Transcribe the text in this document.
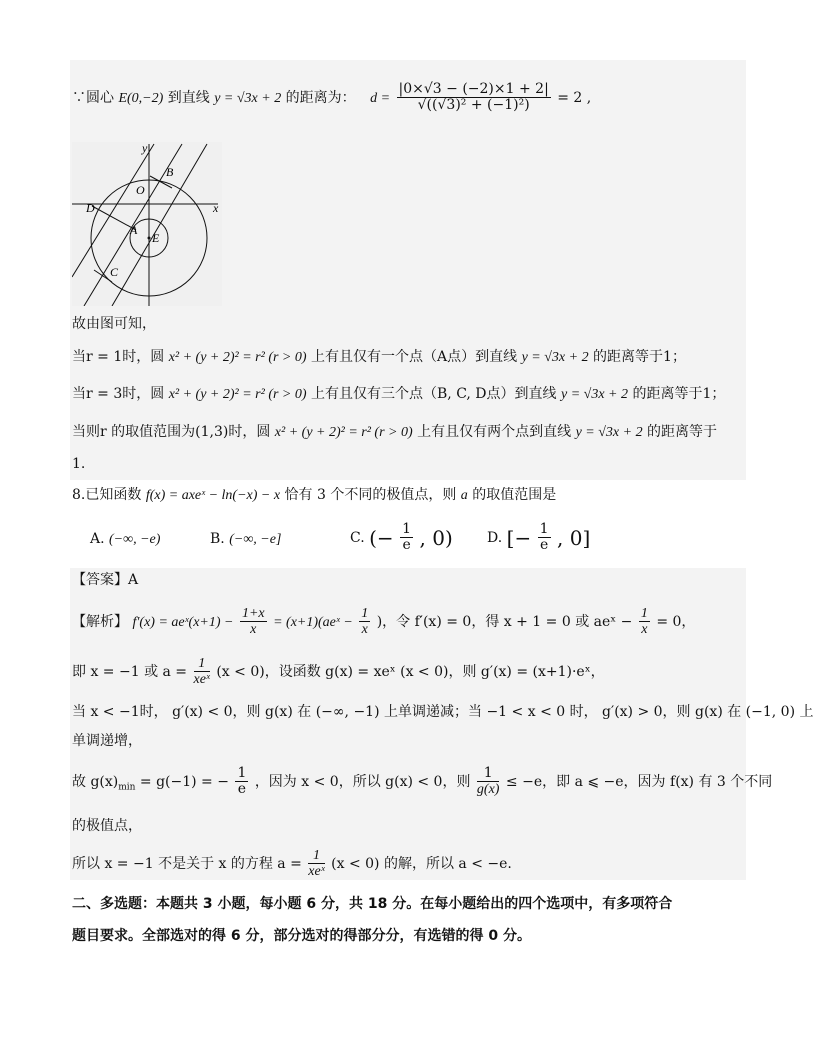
∵圆心 E(0,−2) 到直线 y = √3x + 2 的距离为： $d = \frac{|0\times√3 - (-2)\times 1 + 2|}{\text{√((√3)² + (−1)²)}} = 2$ ,
y
x
O
B
D
A
E
C
故由图可知，
当r = 1时，圆 x² + (y + 2)² = r² (r > 0) 上有且仅有一个点（A点）到直线 y = √3x + 2 的距离等于1；
当r = 3时，圆 x² + (y + 2)² = r² (r > 0) 上有且仅有三个点（B, C, D点）到直线 y = √3x + 2 的距离等于1；
当则r 的取值范围为(1,3)时，圆 x² + (y + 2)² = r² (r > 0) 上有且仅有两个点到直线 y = √3x + 2 的距离等于
1.
8.已知函数 f(x) = axeˣ − ln(−x) − x 恰有 3 个不同的极值点，则 a 的取值范围是
A. (−∞, −e)	B. (−∞, −e]	C. (− $\frac{1}{e}$ , 0) D. [− $\frac{1}{e}$ , 0]
【答案】A
【解析】 f′(x) = aeˣ(x+1) − $\frac{1+x}{x}$ = (x+1)(aeˣ − $\frac{1}{x}$ )，令 f′(x) = 0，得 x + 1 = 0 或 aeˣ − $\frac{1}{x} = 0$，
即 x = −1 或 $a = \frac{1}{\text{xeˣ}} (x < 0)$，设函数 g(x) = xeˣ (x < 0)，则 g′(x) = (x+1)·eˣ，
当 x < −1时， g′(x) < 0，则 g(x) 在 (−∞, −1) 上单调递减；当 −1 < x < 0 时， g′(x) > 0，则 g(x) 在 (−1, 0) 上
单调递增，
故 $g(x)_{min} = g(-1)$ = − $\frac{1}{e}$ ，因为 x < 0，所以 g(x) < 0，则 $\frac{1}{g(x)} \le -e$，即 a ⩽ −e，因为 f(x) 有 3 个不同
的极值点，
所以 x = −1 不是关于 x 的方程 $a = \frac{1}{\text{xeˣ}} (x < 0)$ 的解，所以 a < −e.
二、多选题：本题共 3 小题，每小题 6 分，共 18 分。在每小题给出的四个选项中，有多项符合
题目要求。全部选对的得 6 分，部分选对的得部分分，有选错的得 0 分。
